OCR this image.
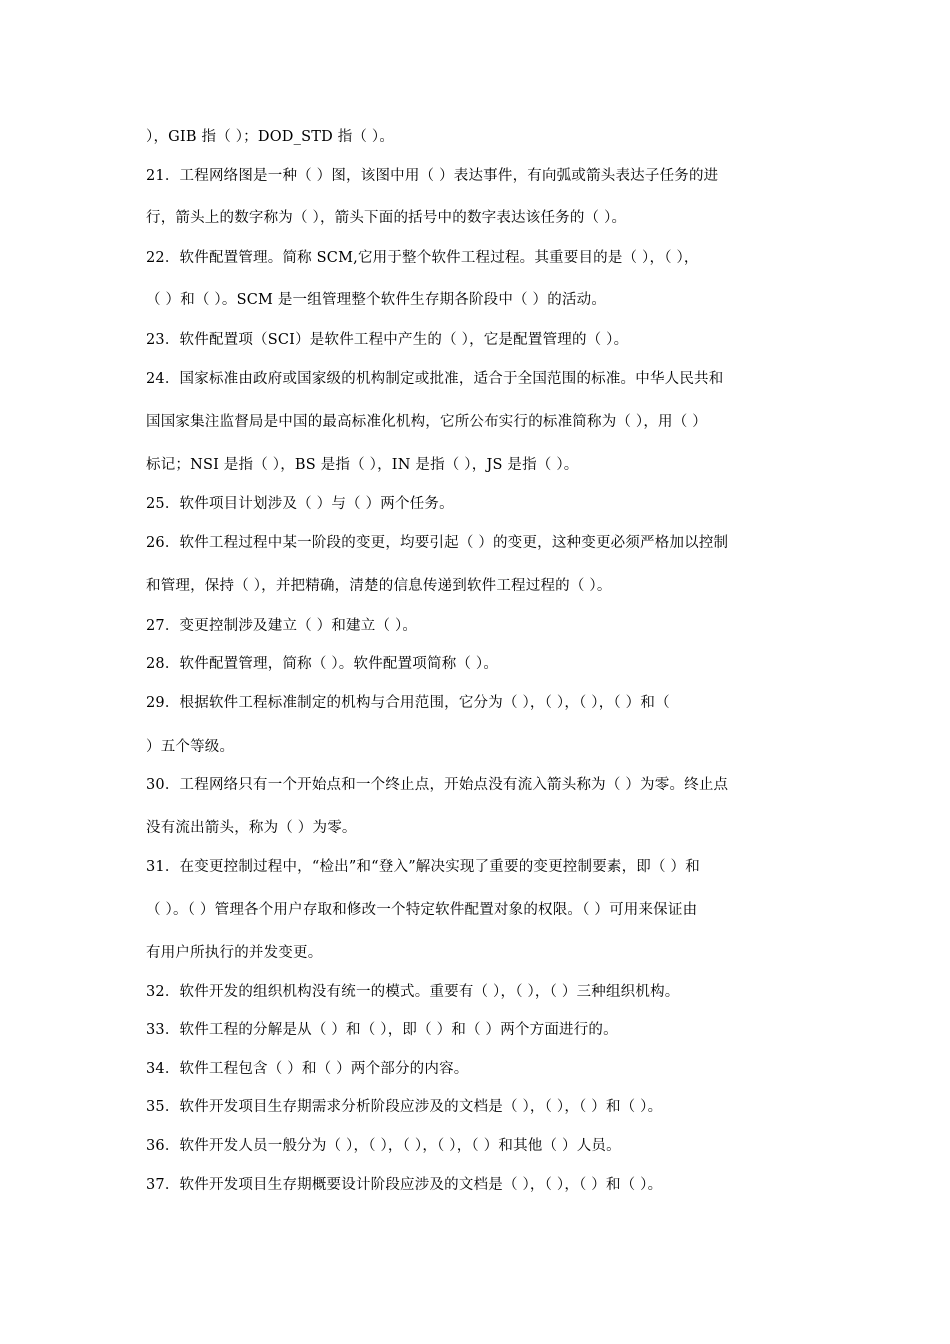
），GIB 指（ ）；DOD_STD 指（ ）。
21．工程网络图是一种（ ）图，该图中用（ ）表达事件，有向弧或箭头表达子任务的进
行，箭头上的数字称为（ ），箭头下面的括号中的数字表达该任务的（ ）。
22．软件配置管理。简称 SCM,它用于整个软件工程过程。其重要目的是（ ），（ ），
（ ）和（ ）。SCM 是一组管理整个软件生存期各阶段中（ ）的活动。
23．软件配置项（SCI）是软件工程中产生的（ ），它是配置管理的（ ）。
24．国家标准由政府或国家级的机构制定或批准，适合于全国范围的标准。中华人民共和
国国家集注监督局是中国的最高标准化机构，它所公布实行的标准简称为（ ），用（ ）
标记；NSI 是指（ ），BS 是指（ ），IN 是指（ ），JS 是指（ ）。
25．软件项目计划涉及（ ）与（ ）两个任务。
26．软件工程过程中某一阶段的变更，均要引起（ ）的变更，这种变更必须严格加以控制
和管理，保持（ ），并把精确，清楚的信息传递到软件工程过程的（ ）。
27．变更控制涉及建立（ ）和建立（ ）。
28．软件配置管理，简称（ ）。软件配置项简称（ ）。
29．根据软件工程标准制定的机构与合用范围，它分为（ ），（ ），（ ），（ ）和（
）五个等级。
30．工程网络只有一个开始点和一个终止点，开始点没有流入箭头称为（ ）为零。终止点
没有流出箭头，称为（ ）为零。
31．在变更控制过程中，“检出”和“登入”解决实现了重要的变更控制要素，即（ ）和
（ ）。（ ）管理各个用户存取和修改一个特定软件配置对象的权限。（ ）可用来保证由
有用户所执行的并发变更。
32．软件开发的组织机构没有统一的模式。重要有（ ），（ ），（ ）三种组织机构。
33．软件工程的分解是从（ ）和（ ），即（ ）和（ ）两个方面进行的。
34．软件工程包含（ ）和（ ）两个部分的内容。
35．软件开发项目生存期需求分析阶段应涉及的文档是（ ），（ ），（ ）和（ ）。
36．软件开发人员一般分为（ ），（ ），（ ），（ ），（ ）和其他（ ）人员。
37．软件开发项目生存期概要设计阶段应涉及的文档是（ ），（ ），（ ）和（ ）。
